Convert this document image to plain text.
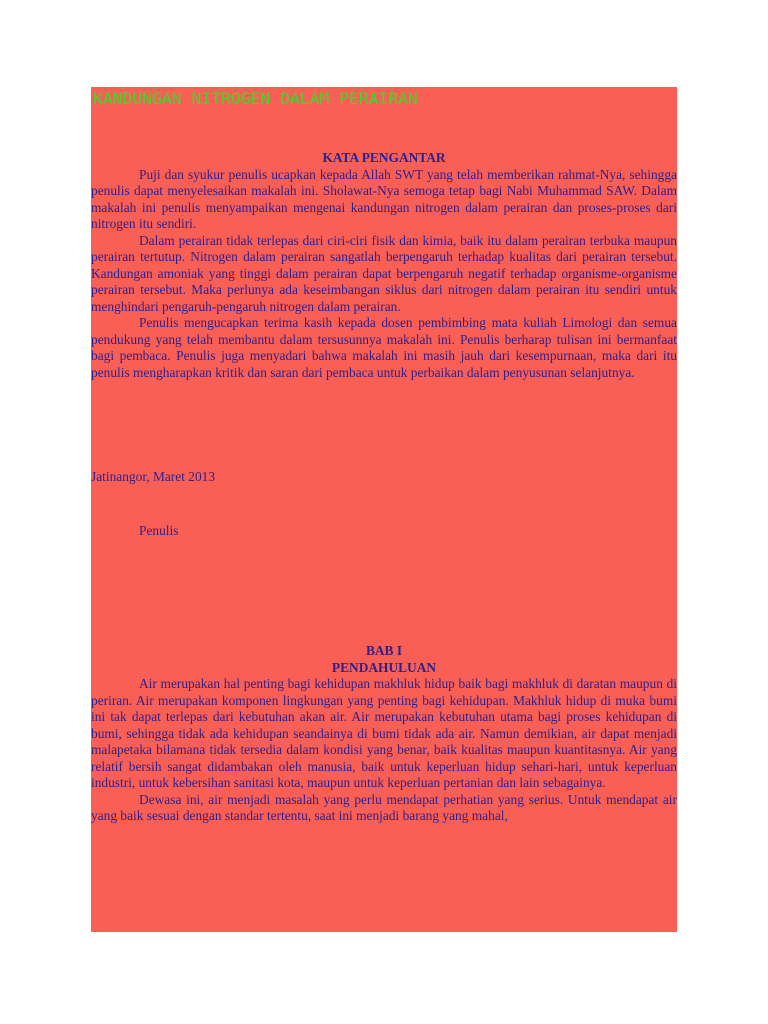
KANDUNGAN NITROGEN DALAM PERAIRAN

KATA PENGANTAR

Puji dan syukur penulis ucapkan kepada Allah SWT yang telah memberikan rahmat-Nya, sehingga penulis dapat menyelesaikan makalah ini. Sholawat-Nya semoga tetap bagi Nabi Muhammad SAW. Dalam makalah ini penulis menyampaikan mengenai kandungan nitrogen dalam perairan dan proses-proses dari nitrogen itu sendiri.

Dalam perairan tidak terlepas dari ciri-ciri fisik dan kimia, baik itu dalam perairan terbuka maupun perairan tertutup. Nitrogen dalam perairan sangatlah berpengaruh terhadap kualitas dari perairan tersebut. Kandungan amoniak yang tinggi dalam perairan dapat berpengaruh negatif terhadap organisme-organisme perairan tersebut. Maka perlunya ada keseimbangan siklus dari nitrogen dalam perairan itu sendiri untuk menghindari pengaruh-pengaruh nitrogen dalam perairan.

Penulis mengucapkan terima kasih kepada dosen pembimbing mata kuliah Limologi dan semua pendukung yang telah membantu dalam tersusunnya makalah ini. Penulis berharap tulisan ini bermanfaat bagi pembaca. Penulis juga menyadari bahwa makalah ini masih jauh dari kesempurnaan, maka dari itu penulis mengharapkan kritik dan saran dari pembaca untuk perbaikan dalam penyusunan selanjutnya.

Jatinangor, Maret 2013

Penulis

BAB I

PENDAHULUAN

Air merupakan hal penting bagi kehidupan makhluk hidup baik bagi makhluk di daratan maupun di periran. Air merupakan komponen lingkungan yang penting bagi kehidupan. Makhluk hidup di muka bumi ini tak dapat terlepas dari kebutuhan akan air. Air merupakan kebutuhan utama bagi proses kehidupan di bumi, sehingga tidak ada kehidupan seandainya di bumi tidak ada air. Namun demikian, air dapat menjadi malapetaka bilamana tidak tersedia dalam kondisi yang benar, baik kualitas maupun kuantitasnya. Air yang relatif bersih sangat didambakan oleh manusia, baik untuk keperluan hidup sehari-hari, untuk keperluan industri, untuk kebersihan sanitasi kota, maupun untuk keperluan pertanian dan lain sebagainya.

Dewasa ini, air menjadi masalah yang perlu mendapat perhatian yang serius. Untuk mendapat air yang baik sesuai dengan standar tertentu, saat ini menjadi barang yang mahal,
